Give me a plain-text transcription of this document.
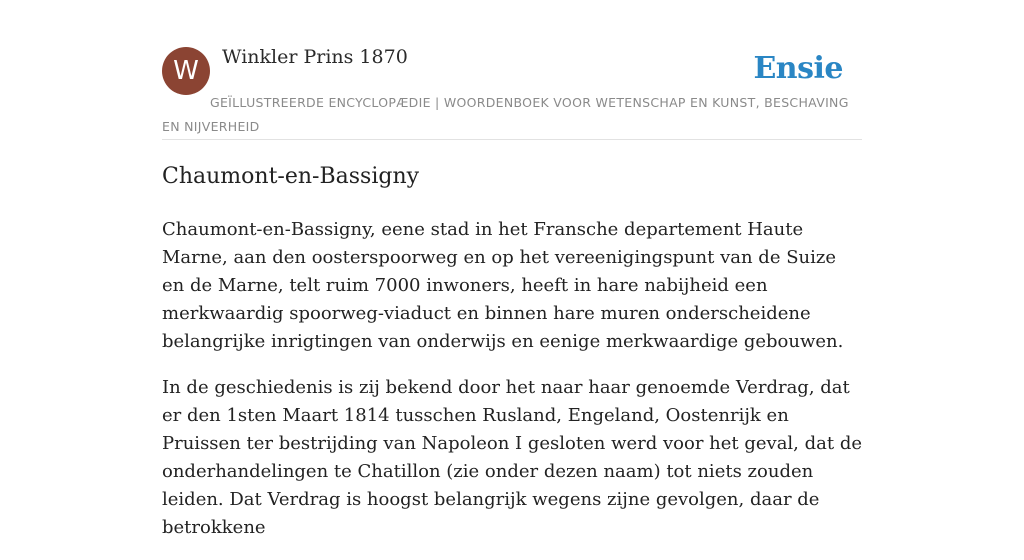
W	Winkler Prins 1870	Ensie
GEÏLLUSTREERDE ENCYCLOPÆDIE | WOORDENBOEK VOOR WETENSCHAP EN KUNST, BESCHAVING EN NIJVERHEID
Chaumont-en-Bassigny

Chaumont-en-Bassigny, eene stad in het Fransche departement Haute Marne, aan den oosterspoorweg en op het vereenigingspunt van de Suize en de Marne, telt ruim 7000 inwoners, heeft in hare nabijheid een merkwaardig spoorweg-viaduct en binnen hare muren onderscheidene belangrijke inrigtingen van onderwijs en eenige merkwaardige gebouwen.

In de geschiedenis is zij bekend door het naar haar genoemde Verdrag, dat er den 1sten Maart 1814 tusschen Rusland, Engeland, Oostenrijk en Pruissen ter bestrijding van Napoleon I gesloten werd voor het geval, dat de onderhandelingen te Chatillon (zie onder dezen naam) tot niets zouden leiden. Dat Verdrag is hoogst belangrijk wegens zijne gevolgen, daar de betrokkene
